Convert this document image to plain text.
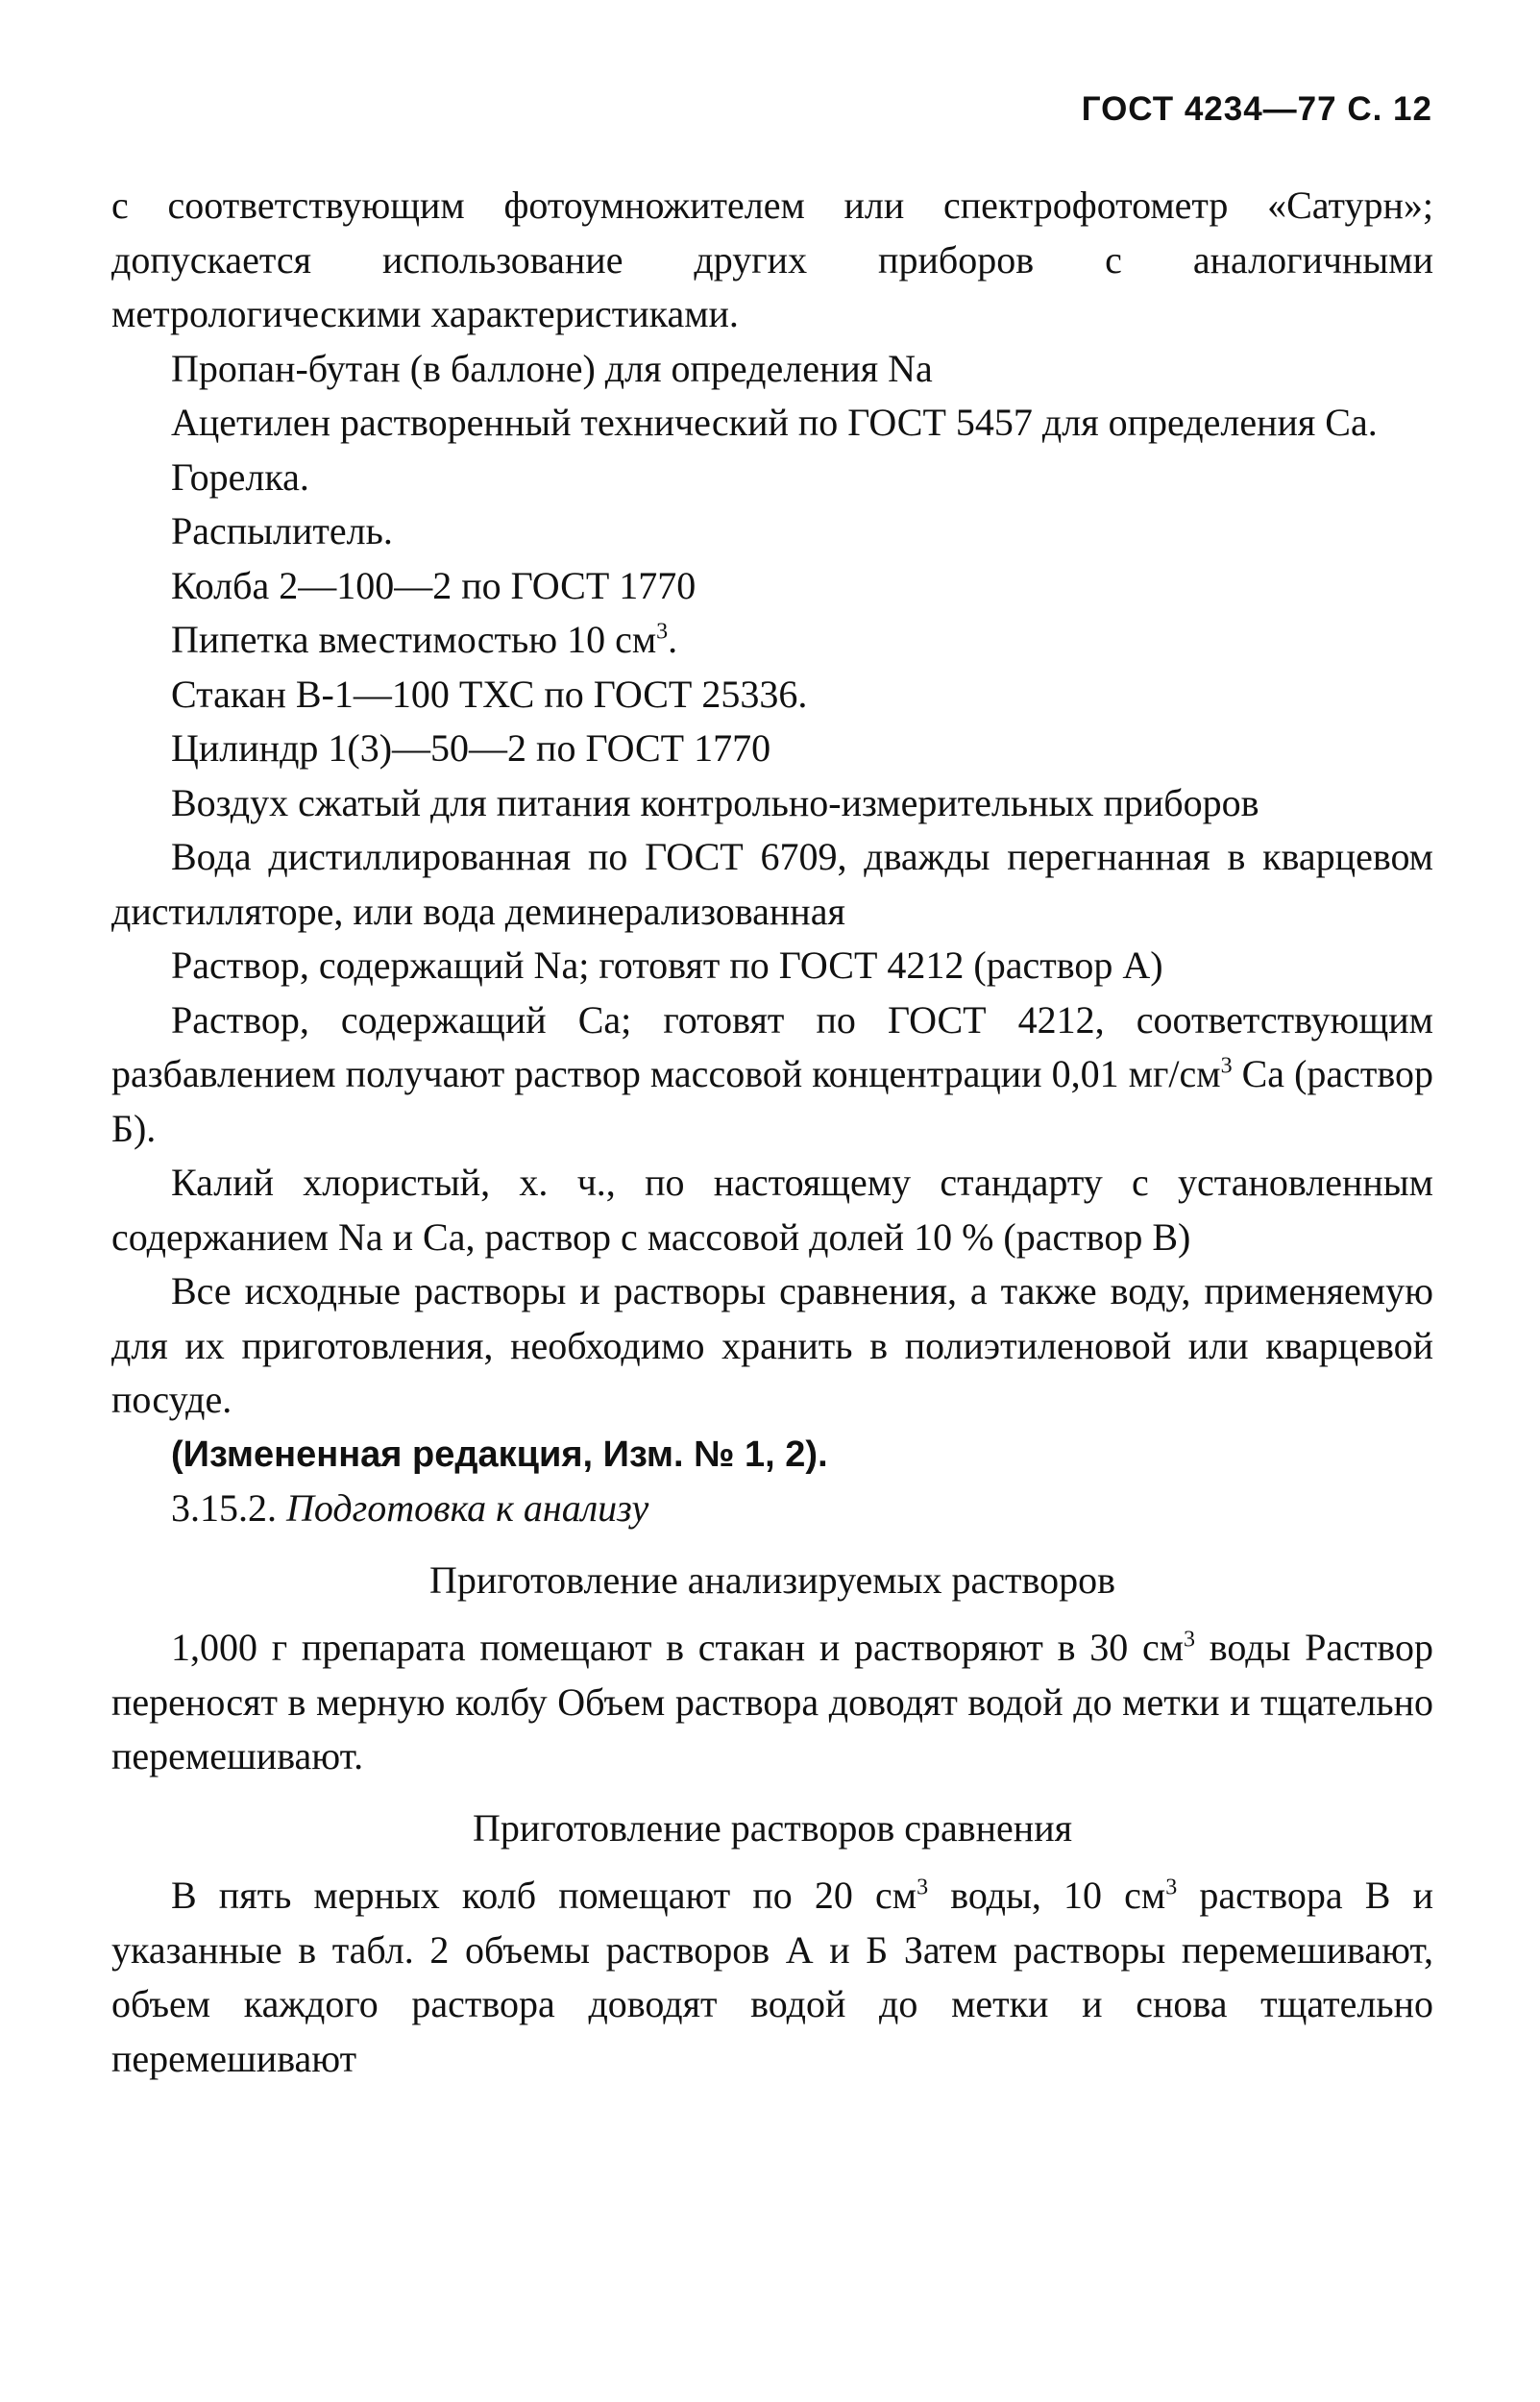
ГОСТ 4234—77 С. 12

с соответствующим фотоумножителем или спектрофотометр «Сатурн»; допускается использование других приборов с аналогичными метрологическими характеристиками.

Пропан-бутан (в баллоне) для определения Na

Ацетилен растворенный технический по ГОСТ 5457 для определения Ca.

Горелка.

Распылитель.

Колба 2—100—2 по ГОСТ 1770

Пипетка вместимостью 10 $см^3$.

Стакан В-1—100 ТХС по ГОСТ 25336.

Цилиндр 1(3)—50—2 по ГОСТ 1770

Воздух сжатый для питания контрольно-измерительных приборов

Вода дистиллированная по ГОСТ 6709, дважды перегнанная в кварцевом дистилляторе, или вода деминерализованная

Раствор, содержащий Na; готовят по ГОСТ 4212 (раствор А)

Раствор, содержащий Ca; готовят по ГОСТ 4212, соответствующим разбавлением получают раствор массовой концентрации 0,01 $мг/см^3$ Ca (раствор Б).

Калий хлористый, х. ч., по настоящему стандарту с установленным содержанием Na и Ca, раствор с массовой долей 10 % (раствор В)

Все исходные растворы и растворы сравнения, а также воду, применяемую для их приготовления, необходимо хранить в полиэтиленовой или кварцевой посуде.

(Измененная редакция, Изм. № 1, 2).

3.15.2. Подготовка к анализу

Приготовление анализируемых растворов

1,000 г препарата помещают в стакан и растворяют в 30 $см^3$ воды Раствор переносят в мерную колбу Объем раствора доводят водой до метки и тщательно перемешивают.

Приготовление растворов сравнения

В пять мерных колб помещают по 20 $см^3$ воды, 10 $см^3$ раствора В и указанные в табл. 2 объемы растворов А и Б Затем растворы перемешивают, объем каждого раствора доводят водой до метки и снова тщательно перемешивают
